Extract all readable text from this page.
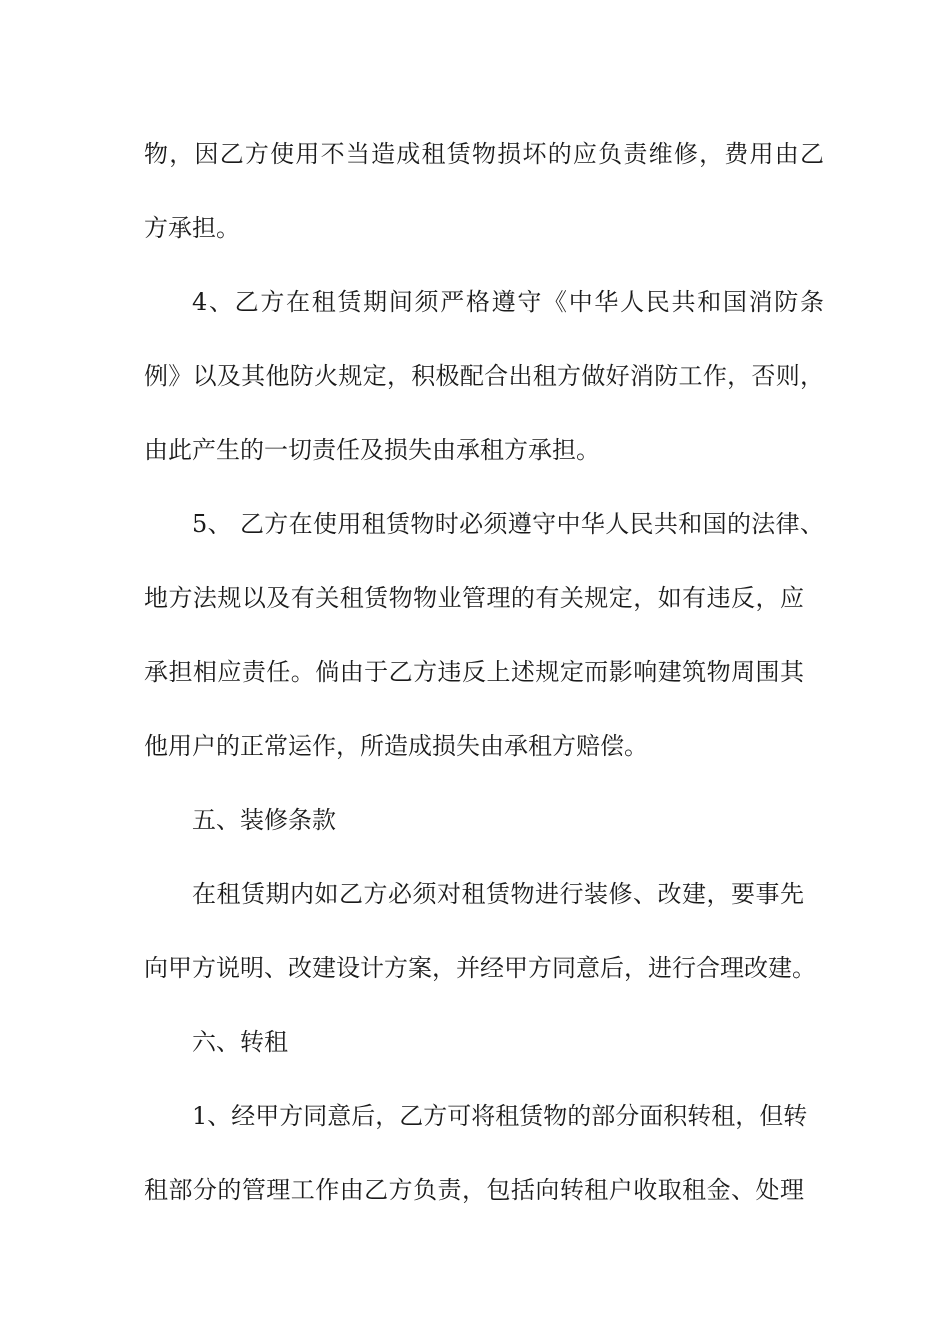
物，因乙方使用不当造成租赁物损坏的应负责维修，费用由乙
方承担。
4、乙方在租赁期间须严格遵守《中华人民共和国消防条
例》以及其他防火规定，积极配合出租方做好消防工作，否则，
由此产生的一切责任及损失由承租方承担。
5、 乙方在使用租赁物时必须遵守中华人民共和国的法律、
地方法规以及有关租赁物物业管理的有关规定，如有违反，应
承担相应责任。倘由于乙方违反上述规定而影响建筑物周围其
他用户的正常运作，所造成损失由承租方赔偿。
五、装修条款
在租赁期内如乙方必须对租赁物进行装修、改建，要事先
向甲方说明、改建设计方案，并经甲方同意后，进行合理改建。
六、转租
1、经甲方同意后，乙方可将租赁物的部分面积转租，但转
租部分的管理工作由乙方负责，包括向转租户收取租金、处理
